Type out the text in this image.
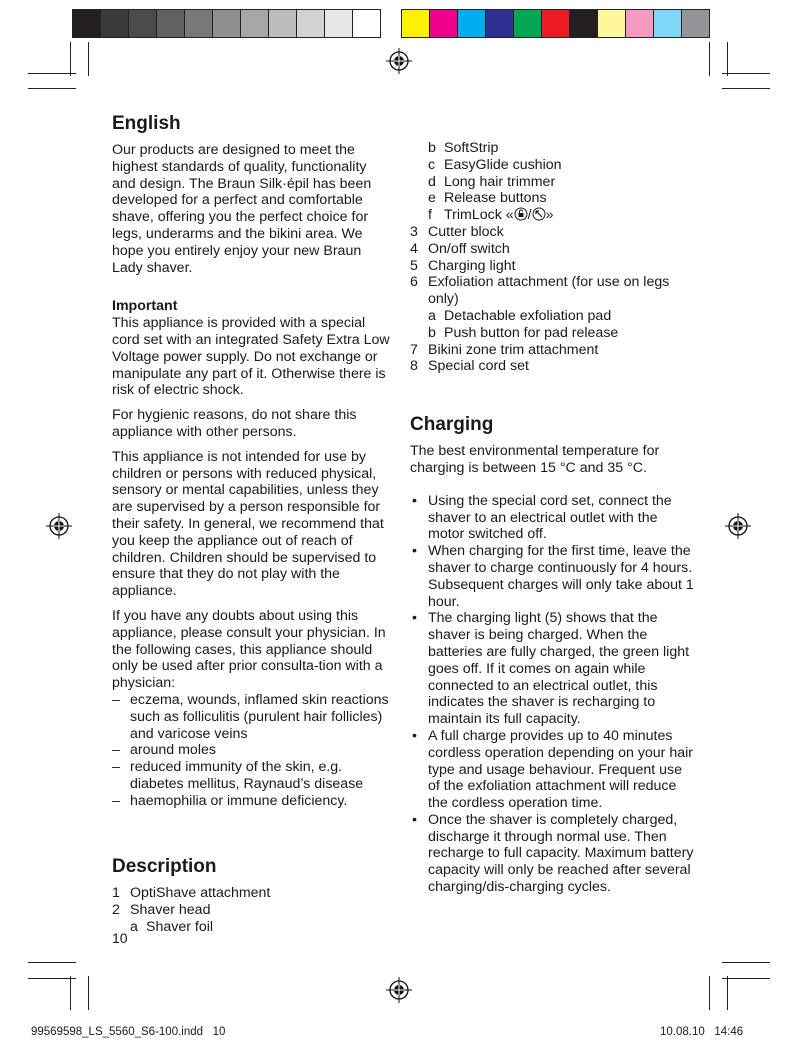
English

Our products are designed to meet the highest standards of quality, functionality and design. The Braun Silk·épil has been developed for a perfect and comfortable shave, offering you the perfect choice for legs, underarms and the bikini area. We hope you entirely enjoy your new Braun Lady shaver.

Important

This appliance is provided with a special cord set with an integrated Safety Extra Low Voltage power supply. Do not exchange or manipulate any part of it. Otherwise there is risk of electric shock.

For hygienic reasons, do not share this appliance with other persons.

This appliance is not intended for use by children or persons with reduced physical, sensory or mental capabilities, unless they are supervised by a person responsible for their safety. In general, we recommend that you keep the appliance out of reach of children. Children should be supervised to ensure that they do not play with the appliance.

If you have any doubts about using this appliance, please consult your physician. In the following cases, this appliance should only be used after prior consulta-tion with a physician:

– eczema, wounds, inflamed skin reactions such as folliculitis (purulent hair follicles) and varicose veins
– around moles
– reduced immunity of the skin, e.g. diabetes mellitus, Raynaud’s disease
– haemophilia or immune deficiency.
Description
1 OptiShave attachment
2 Shaver head
a Shaver foil
b SoftStrip
c EasyGlide cushion
d Long hair trimmer
e Release buttons
f TrimLock « / »
3 Cutter block
4 On/off switch
5 Charging light
6 Exfoliation attachment (for use on legs only)
a Detachable exfoliation pad
b Push button for pad release
7 Bikini zone trim attachment
8 Special cord set
Charging

The best environmental temperature for charging is between 15 °C and 35 °C.

• Using the special cord set, connect the shaver to an electrical outlet with the motor switched off.
• When charging for the first time, leave the shaver to charge continuously for 4 hours. Subsequent charges will only take about 1 hour.
• The charging light (5) shows that the shaver is being charged. When the batteries are fully charged, the green light goes off. If it comes on again while connected to an electrical outlet, this indicates the shaver is recharging to maintain its full capacity.
• A full charge provides up to 40 minutes cordless operation depending on your hair type and usage behaviour. Frequent use of the exfoliation attachment will reduce the cordless operation time.
• Once the shaver is completely charged, discharge it through normal use. Then recharge to full capacity. Maximum battery capacity will only be reached after several charging/dis-charging cycles.
10
99569598_LS_5560_S6-100.indd   10	10.08.10   14:46
